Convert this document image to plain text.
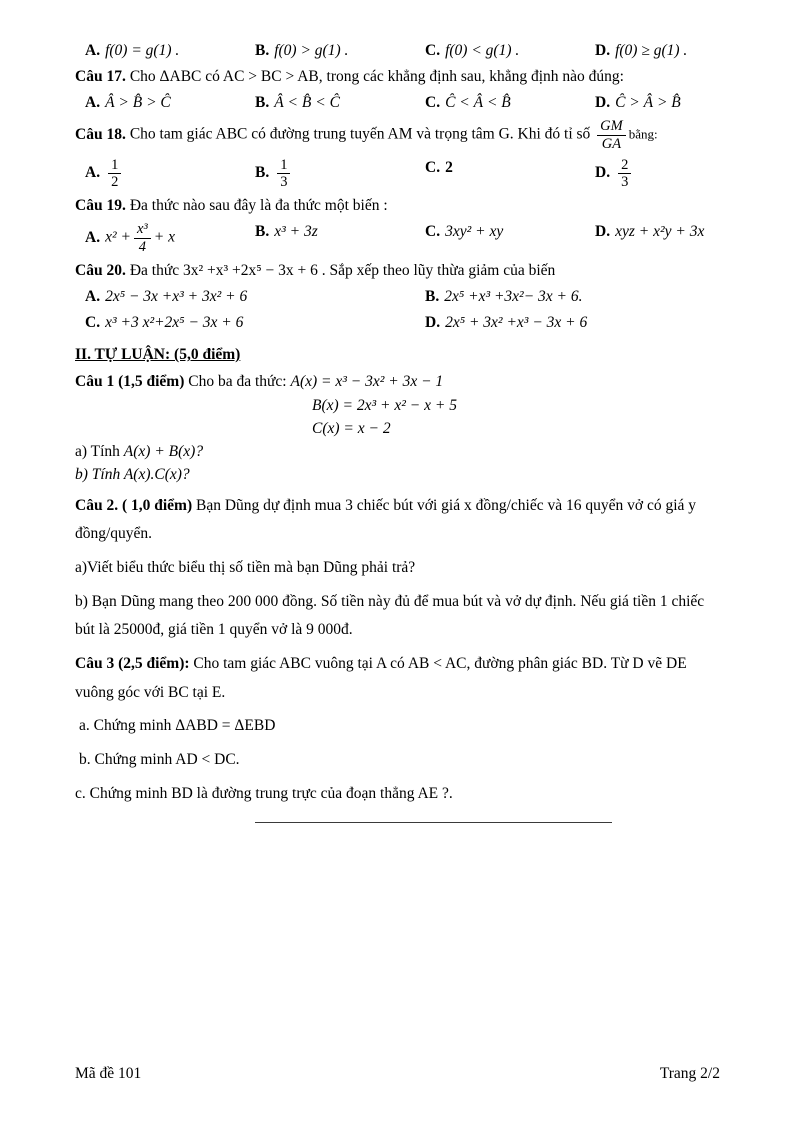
A. f(0) = g(1) .	B. f(0) > g(1) .	C. f(0) < g(1) .	D. f(0) ≥ g(1) .

Câu 17. Cho ΔABC có AC > BC > AB, trong các khẳng định sau, khẳng định nào đúng:

A. Â > B̂ > Ĉ	B. Â < B̂ < Ĉ	C. Ĉ < Â < B̂	D. Ĉ > Â > B̂

Câu 18. Cho tam giác ABC có đường trung tuyến AM và trọng tâm G. Khi đó tỉ số $\frac{GM}{GA}$ bằng:

A. $\frac{1}{2}$	B. $\frac{1}{3}$	C. 2	D. $\frac{2}{3}$

Câu 19. Đa thức nào sau đây là đa thức một biến :

A. $x^2 + \frac{\text{x³}}{4} + x$	B. x³ + 3z	C. 3xy² + xy	D. xyz + x²y + 3x

Câu 20. Đa thức 3x² +x³ +2x⁵ − 3x + 6 . Sắp xếp theo lũy thừa giảm của biến

A. 2x⁵ − 3x +x³ + 3x² + 6	B. 2x⁵ +x³ +3x²− 3x + 6.
C. x³ +3 x²+2x⁵ − 3x + 6	D. 2x⁵ + 3x² +x³ − 3x + 6

II. TỰ LUẬN: (5,0 điểm)

Câu 1 (1,5 điểm) Cho ba đa thức: A(x) = x³ − 3x² + 3x − 1

B(x) = 2x³ + x² − x + 5

C(x) = x − 2

a) Tính A(x) + B(x)?

b) Tính A(x).C(x)?

Câu 2. ( 1,0 điểm) Bạn Dũng dự định mua 3 chiếc bút với giá x đồng/chiếc và 16 quyển vở có giá y đồng/quyển.

a)Viết biểu thức biểu thị số tiền mà bạn Dũng phải trả?

b) Bạn Dũng mang theo 200 000 đồng. Số tiền này đủ để mua bút và vở dự định. Nếu giá tiền 1 chiếc bút là 25000đ, giá tiền 1 quyển vở là 9 000đ.

Câu 3 (2,5 điểm): Cho tam giác ABC vuông tại A có AB < AC, đường phân giác BD. Từ D vẽ DE vuông góc với BC tại E.

a. Chứng minh ΔABD = ΔEBD

b. Chứng minh AD < DC.

c. Chứng minh BD là đường trung trực của đoạn thẳng AE ?.

Mã đề 101	Trang 2/2
